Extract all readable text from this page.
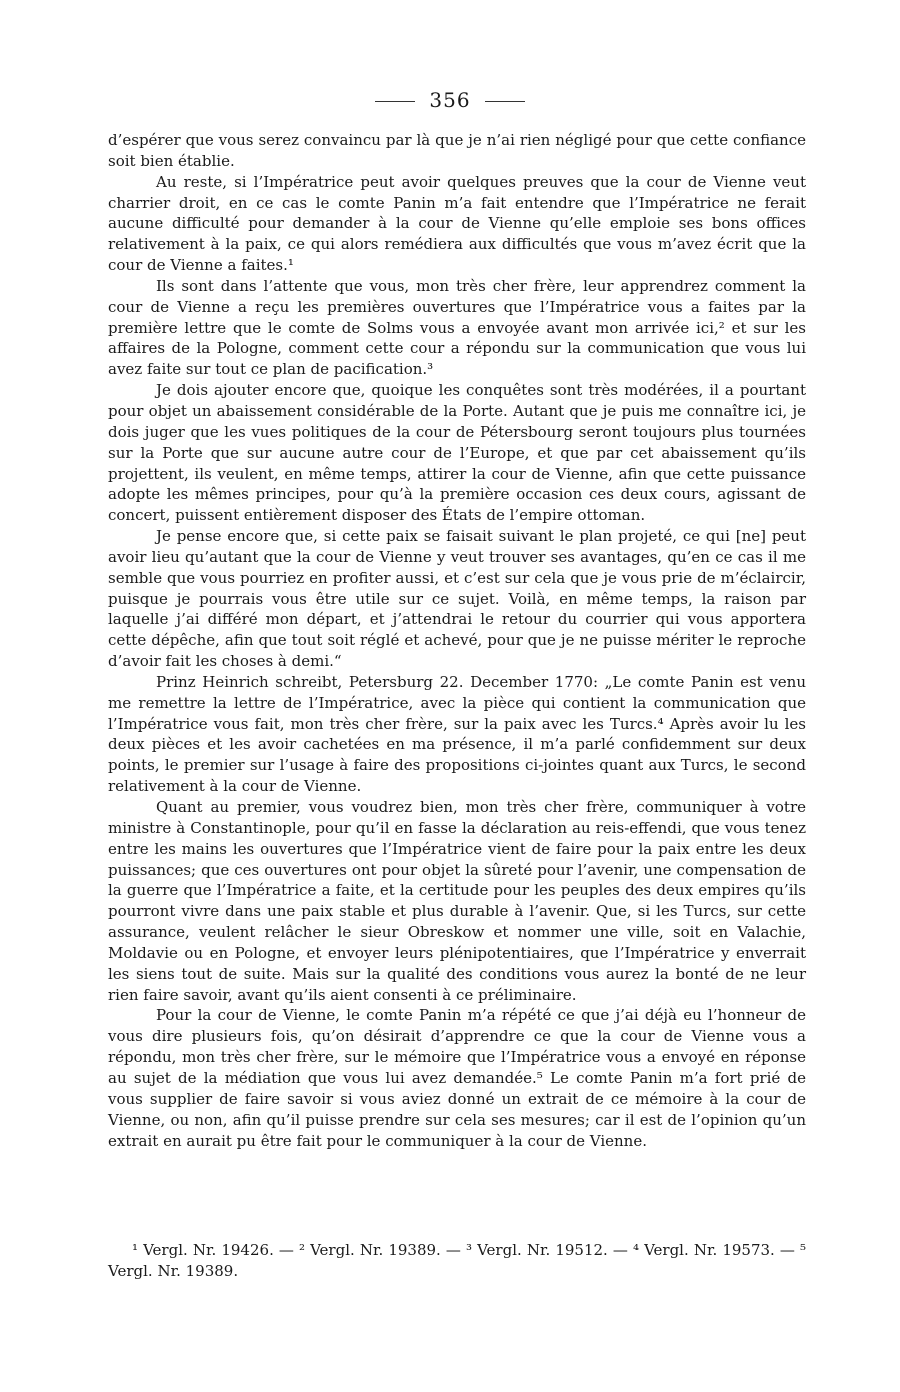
356

d’espérer que vous serez convaincu par là que je n’ai rien négligé pour que cette confiance soit bien établie.

Au reste, si l’Impératrice peut avoir quelques preuves que la cour de Vienne veut charrier droit, en ce cas le comte Panin m’a fait entendre que l’Impératrice ne ferait aucune difficulté pour demander à la cour de Vienne qu’elle emploie ses bons offices relativement à la paix, ce qui alors remédiera aux difficultés que vous m’avez écrit que la cour de Vienne a faites.¹

Ils sont dans l’attente que vous, mon très cher frère, leur apprendrez comment la cour de Vienne a reçu les premières ouvertures que l’Impératrice vous a faites par la première lettre que le comte de Solms vous a envoyée avant mon arrivée ici,² et sur les affaires de la Pologne, comment cette cour a répondu sur la communication que vous lui avez faite sur tout ce plan de pacification.³

Je dois ajouter encore que, quoique les conquêtes sont très modérées, il a pourtant pour objet un abaissement considérable de la Porte. Autant que je puis me connaître ici, je dois juger que les vues politiques de la cour de Pétersbourg seront toujours plus tournées sur la Porte que sur aucune autre cour de l’Europe, et que par cet abaissement qu’ils projettent, ils veulent, en même temps, attirer la cour de Vienne, afin que cette puissance adopte les mêmes principes, pour qu’à la première occasion ces deux cours, agissant de concert, puissent entièrement disposer des États de l’empire ottoman.

Je pense encore que, si cette paix se faisait suivant le plan projeté, ce qui [ne] peut avoir lieu qu’autant que la cour de Vienne y veut trouver ses avantages, qu’en ce cas il me semble que vous pourriez en profiter aussi, et c’est sur cela que je vous prie de m’éclaircir, puisque je pourrais vous être utile sur ce sujet. Voilà, en même temps, la raison par laquelle j’ai différé mon départ, et j’attendrai le retour du courrier qui vous apportera cette dépêche, afin que tout soit réglé et achevé, pour que je ne puisse mériter le reproche d’avoir fait les choses à demi.“

Prinz Heinrich schreibt, Petersburg 22. December 1770: „Le comte Panin est venu me remettre la lettre de l’Impératrice, avec la pièce qui contient la communication que l’Impératrice vous fait, mon très cher frère, sur la paix avec les Turcs.⁴ Après avoir lu les deux pièces et les avoir cachetées en ma présence, il m’a parlé confidemment sur deux points, le premier sur l’usage à faire des propositions ci-jointes quant aux Turcs, le second relativement à la cour de Vienne.

Quant au premier, vous voudrez bien, mon très cher frère, communiquer à votre ministre à Constantinople, pour qu’il en fasse la déclaration au reis-effendi, que vous tenez entre les mains les ouvertures que l’Impératrice vient de faire pour la paix entre les deux puissances; que ces ouvertures ont pour objet la sûreté pour l’avenir, une compensation de la guerre que l’Impératrice a faite, et la certitude pour les peuples des deux empires qu’ils pourront vivre dans une paix stable et plus durable à l’avenir. Que, si les Turcs, sur cette assurance, veulent relâcher le sieur Obreskow et nommer une ville, soit en Valachie, Moldavie ou en Pologne, et envoyer leurs plénipotentiaires, que l’Impératrice y enverrait les siens tout de suite. Mais sur la qualité des conditions vous aurez la bonté de ne leur rien faire savoir, avant qu’ils aient consenti à ce préliminaire.

Pour la cour de Vienne, le comte Panin m’a répété ce que j’ai déjà eu l’honneur de vous dire plusieurs fois, qu’on désirait d’apprendre ce que la cour de Vienne vous a répondu, mon très cher frère, sur le mémoire que l’Impératrice vous a envoyé en réponse au sujet de la médiation que vous lui avez demandée.⁵ Le comte Panin m’a fort prié de vous supplier de faire savoir si vous aviez donné un extrait de ce mémoire à la cour de Vienne, ou non, afin qu’il puisse prendre sur cela ses mesures; car il est de l’opinion qu’un extrait en aurait pu être fait pour le communiquer à la cour de Vienne.

¹ Vergl. Nr. 19426. — ² Vergl. Nr. 19389. — ³ Vergl. Nr. 19512. — ⁴ Vergl. Nr. 19573. — ⁵ Vergl. Nr. 19389.
